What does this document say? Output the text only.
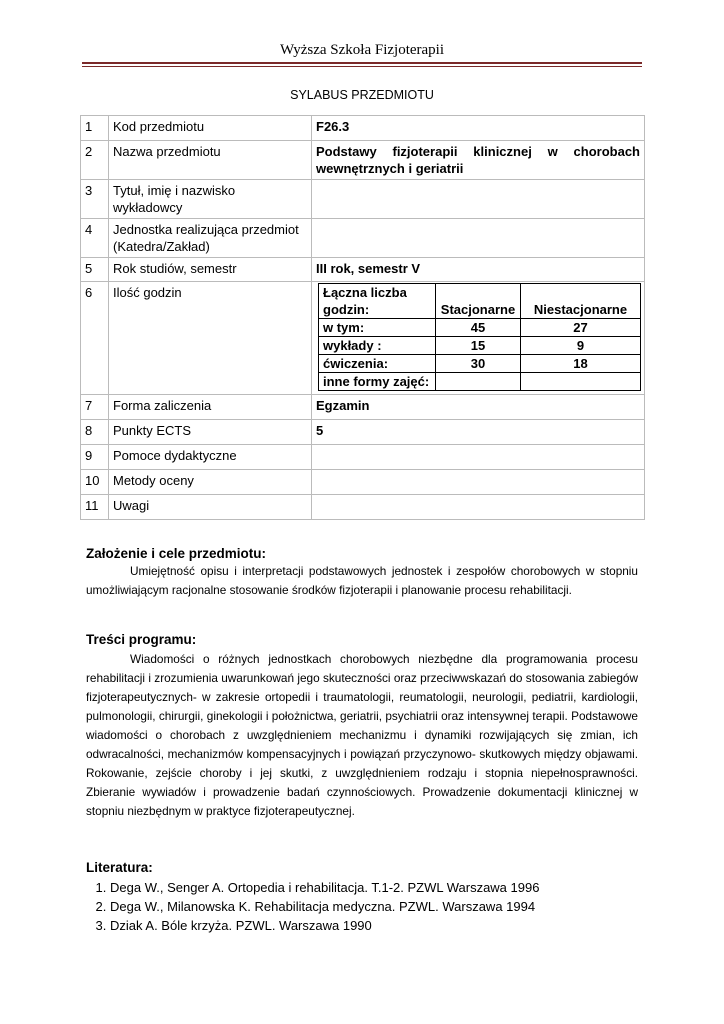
Wyższa Szkoła Fizjoterapii
SYLABUS PRZEDMIOTU
1	Kod przedmiotu	F26.3
2	Nazwa przedmiotu	Podstawy fizjoterapii klinicznej w chorobach
wewnętrznych i geriatrii
3	Tytuł, imię i nazwisko wykładowcy	
4	Jednostka realizująca przedmiot (Katedra/Zakład)	
5	Rok studiów, semestr	III rok, semestr V
6	Ilość godzin		Łączna liczba godzin:	Stacjonarne	Niestacjonarne
w tym:	45	27
wykłady :	15	9
ćwiczenia:	30	18
inne formy zajęć:		

7	Forma zaliczenia	Egzamin
8	Punkty ECTS	5
9	Pomoce dydaktyczne	
10	Metody oceny	
11	Uwagi	
Założenie i cele przedmiotu:
Umiejętność opisu i interpretacji podstawowych jednostek i zespołów chorobowych w stopniu umożliwiającym racjonalne stosowanie środków fizjoterapii i planowanie procesu rehabilitacji.
Treści programu:
Wiadomości o różnych jednostkach chorobowych niezbędne dla programowania procesu rehabilitacji i zrozumienia uwarunkowań jego skuteczności oraz przeciwwskazań do stosowania zabiegów fizjoterapeutycznych- w zakresie ortopedii i traumatologii, reumatologii, neurologii, pediatrii, kardiologii, pulmonologii, chirurgii, ginekologii i położnictwa, geriatrii, psychiatrii oraz intensywnej terapii. Podstawowe wiadomości o chorobach z uwzględnieniem mechanizmu i dynamiki rozwijających się zmian, ich odwracalności, mechanizmów kompensacyjnych i powiązań przyczynowo- skutkowych między objawami. Rokowanie, zejście choroby i jej skutki, z uwzględnieniem rodzaju i stopnia niepełnosprawności. Zbieranie wywiadów i prowadzenie badań czynnościowych. Prowadzenie dokumentacji klinicznej w stopniu niezbędnym w praktyce fizjoterapeutycznej.
Literatura:
1. Dega W., Senger A. Ortopedia i rehabilitacja. T.1-2. PZWL Warszawa 1996
2. Dega W., Milanowska K. Rehabilitacja medyczna. PZWL. Warszawa 1994
3. Dziak A. Bóle krzyża. PZWL. Warszawa 1990
